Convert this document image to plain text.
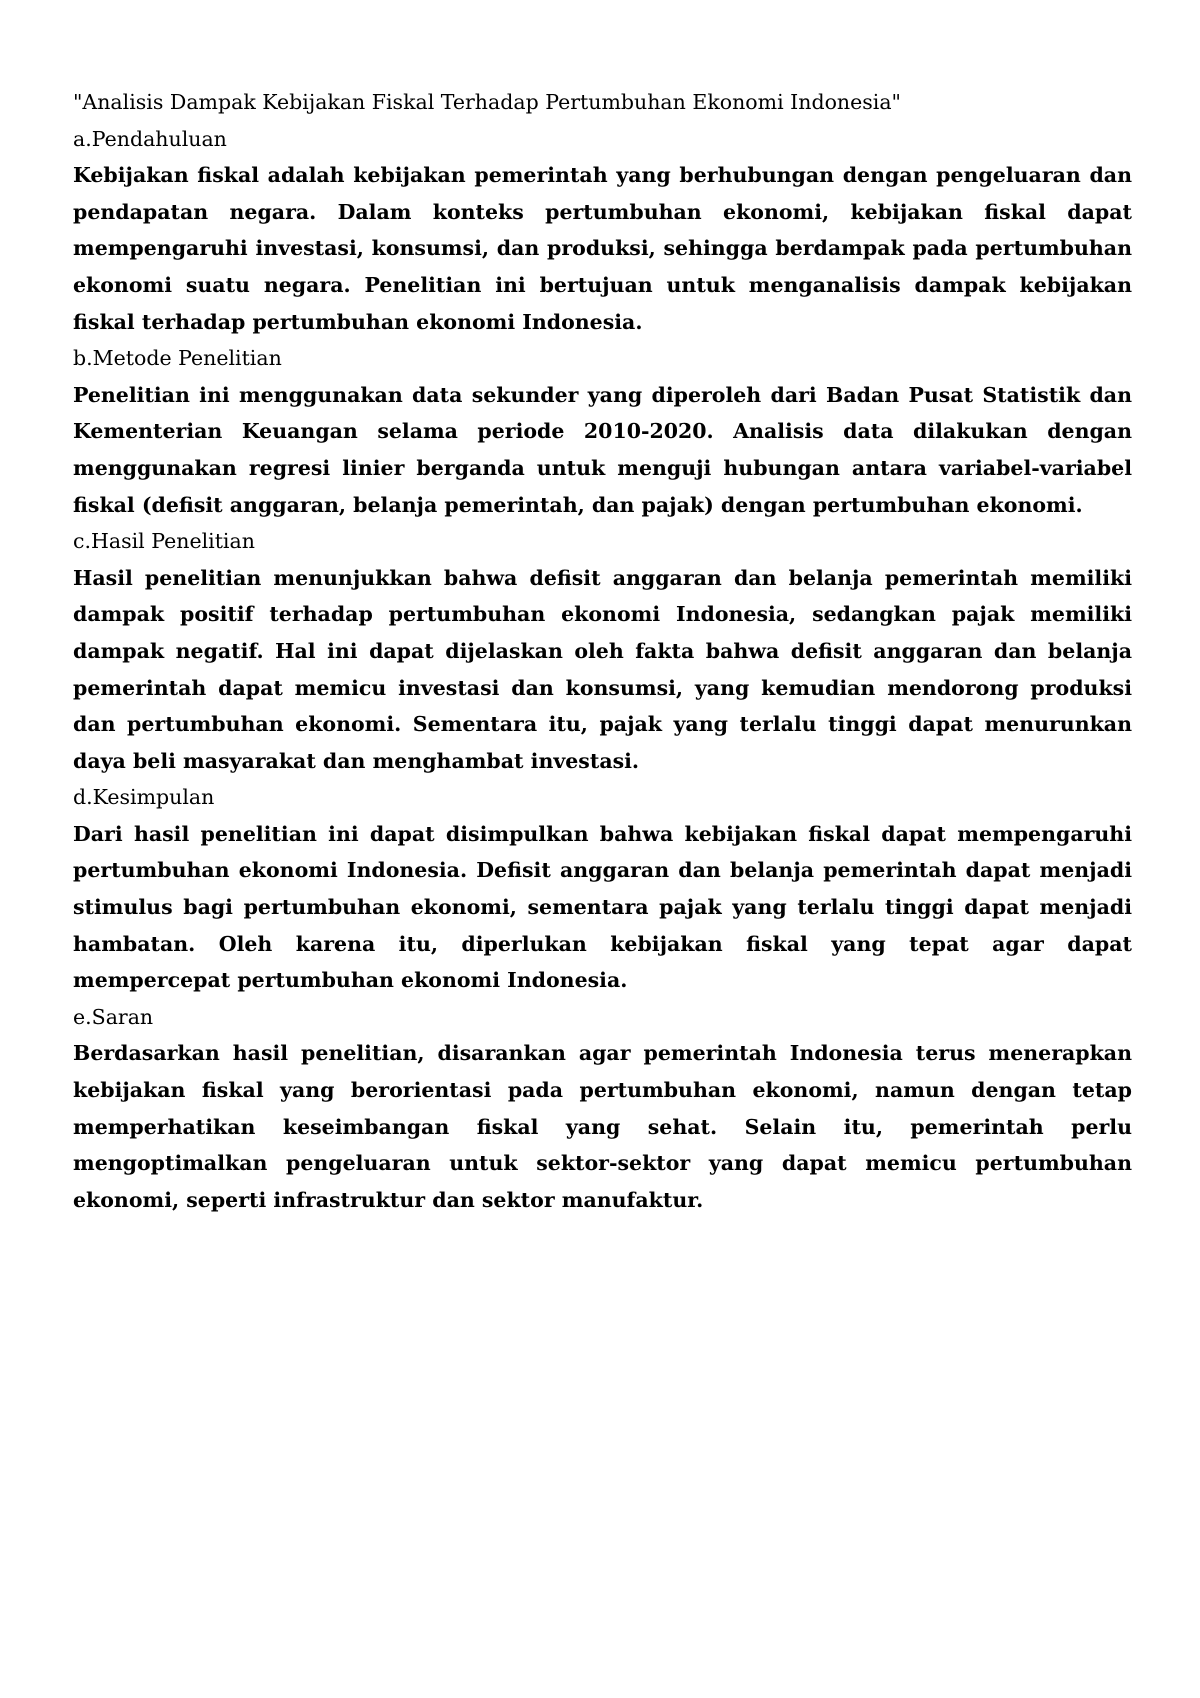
"Analisis Dampak Kebijakan Fiskal Terhadap Pertumbuhan Ekonomi Indonesia"

a.Pendahuluan

Kebijakan fiskal adalah kebijakan pemerintah yang berhubungan dengan pengeluaran dan pendapatan negara. Dalam konteks pertumbuhan ekonomi, kebijakan fiskal dapat mempengaruhi investasi, konsumsi, dan produksi, sehingga berdampak pada pertumbuhan ekonomi suatu negara. Penelitian ini bertujuan untuk menganalisis dampak kebijakan fiskal terhadap pertumbuhan ekonomi Indonesia.

b.Metode Penelitian

Penelitian ini menggunakan data sekunder yang diperoleh dari Badan Pusat Statistik dan Kementerian Keuangan selama periode 2010-2020. Analisis data dilakukan dengan menggunakan regresi linier berganda untuk menguji hubungan antara variabel-variabel fiskal (defisit anggaran, belanja pemerintah, dan pajak) dengan pertumbuhan ekonomi.

c.Hasil Penelitian

Hasil penelitian menunjukkan bahwa defisit anggaran dan belanja pemerintah memiliki dampak positif terhadap pertumbuhan ekonomi Indonesia, sedangkan pajak memiliki dampak negatif. Hal ini dapat dijelaskan oleh fakta bahwa defisit anggaran dan belanja pemerintah dapat memicu investasi dan konsumsi, yang kemudian mendorong produksi dan pertumbuhan ekonomi. Sementara itu, pajak yang terlalu tinggi dapat menurunkan daya beli masyarakat dan menghambat investasi.

d.Kesimpulan

Dari hasil penelitian ini dapat disimpulkan bahwa kebijakan fiskal dapat mempengaruhi pertumbuhan ekonomi Indonesia. Defisit anggaran dan belanja pemerintah dapat menjadi stimulus bagi pertumbuhan ekonomi, sementara pajak yang terlalu tinggi dapat menjadi hambatan. Oleh karena itu, diperlukan kebijakan fiskal yang tepat agar dapat mempercepat pertumbuhan ekonomi Indonesia.

e.Saran

Berdasarkan hasil penelitian, disarankan agar pemerintah Indonesia terus menerapkan kebijakan fiskal yang berorientasi pada pertumbuhan ekonomi, namun dengan tetap memperhatikan keseimbangan fiskal yang sehat. Selain itu, pemerintah perlu mengoptimalkan pengeluaran untuk sektor-sektor yang dapat memicu pertumbuhan ekonomi, seperti infrastruktur dan sektor manufaktur.
